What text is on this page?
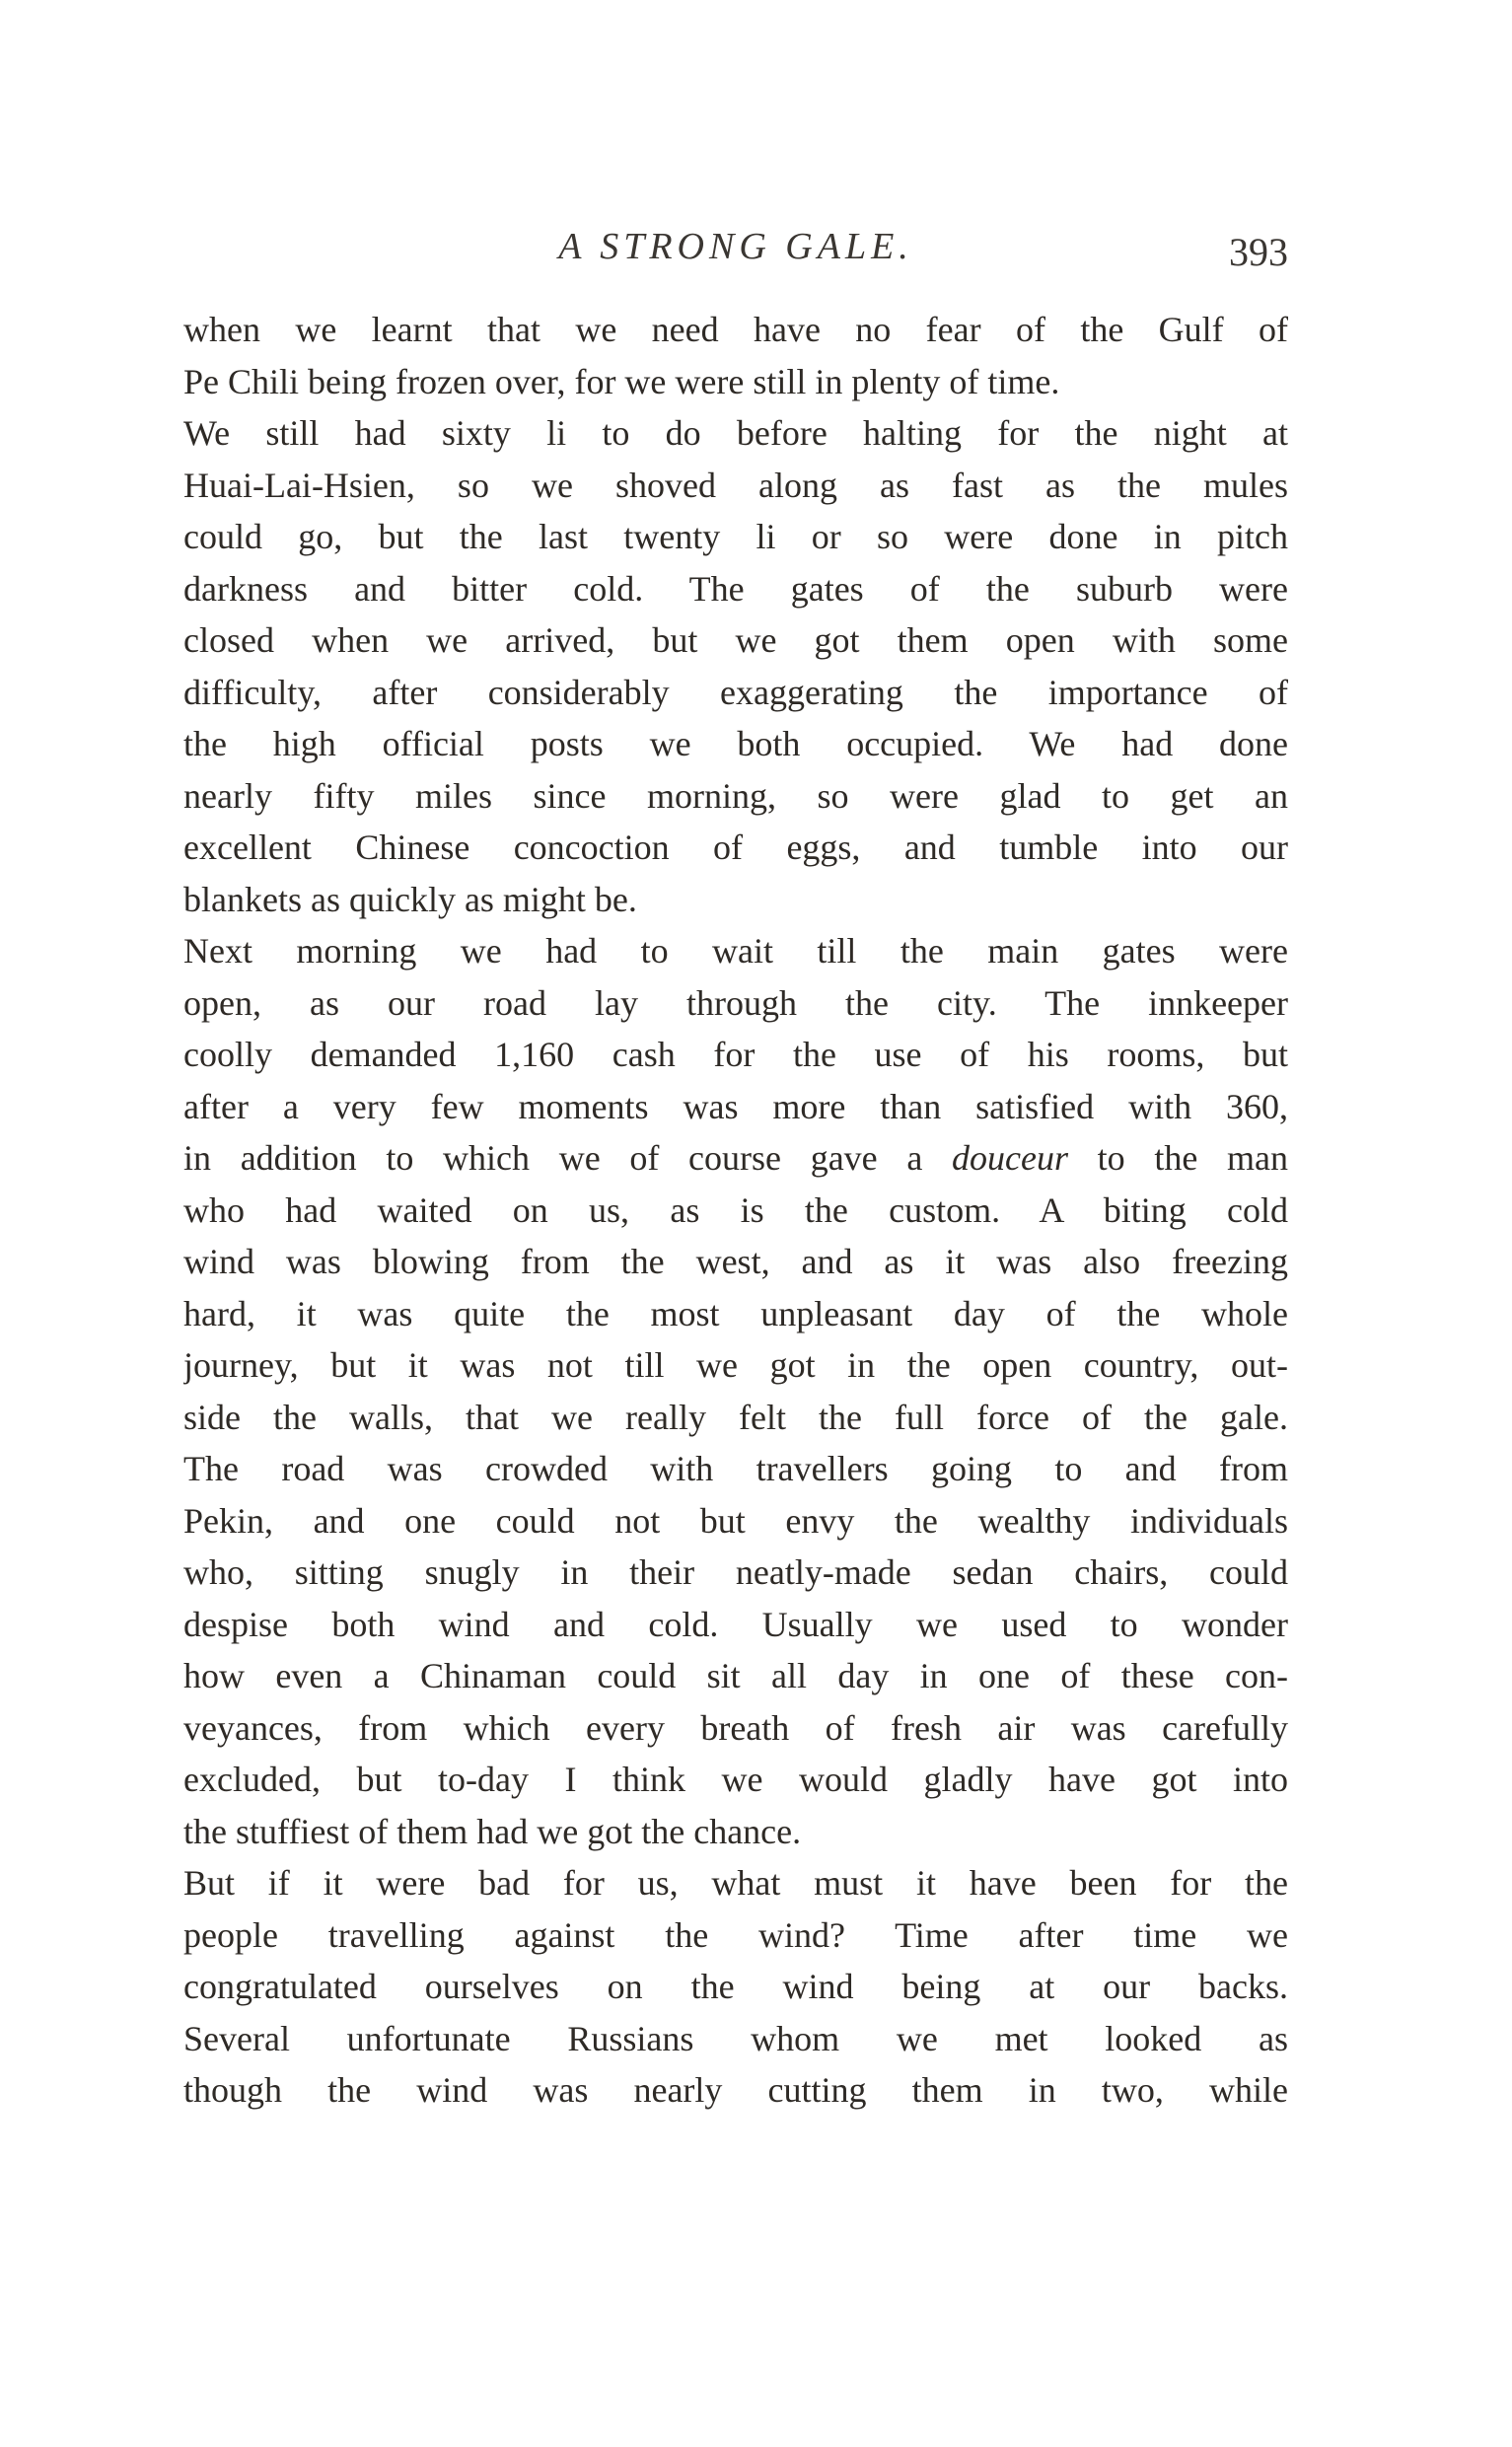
A STRONG GALE.	393
when we learnt that we need have no fear of the Gulf of
Pe Chili being frozen over, for we were still in plenty of time.
We still had sixty li to do before halting for the night at
Huai-Lai-Hsien, so we shoved along as fast as the mules
could go, but the last twenty li or so were done in pitch
darkness and bitter cold. The gates of the suburb were
closed when we arrived, but we got them open with some
difficulty, after considerably exaggerating the importance of
the high official posts we both occupied. We had done
nearly fifty miles since morning, so were glad to get an
excellent Chinese concoction of eggs, and tumble into our
blankets as quickly as might be.
Next morning we had to wait till the main gates were
open, as our road lay through the city. The innkeeper
coolly demanded 1,160 cash for the use of his rooms, but
after a very few moments was more than satisfied with 360,
in addition to which we of course gave a douceur to the man
who had waited on us, as is the custom. A biting cold
wind was blowing from the west, and as it was also freezing
hard, it was quite the most unpleasant day of the whole
journey, but it was not till we got in the open country, out-
side the walls, that we really felt the full force of the gale.
The road was crowded with travellers going to and from
Pekin, and one could not but envy the wealthy individuals
who, sitting snugly in their neatly-made sedan chairs, could
despise both wind and cold. Usually we used to wonder
how even a Chinaman could sit all day in one of these con-
veyances, from which every breath of fresh air was carefully
excluded, but to-day I think we would gladly have got into
the stuffiest of them had we got the chance.
But if it were bad for us, what must it have been for the
people travelling against the wind? Time after time we
congratulated ourselves on the wind being at our backs.
Several unfortunate Russians whom we met looked as
though the wind was nearly cutting them in two, while
